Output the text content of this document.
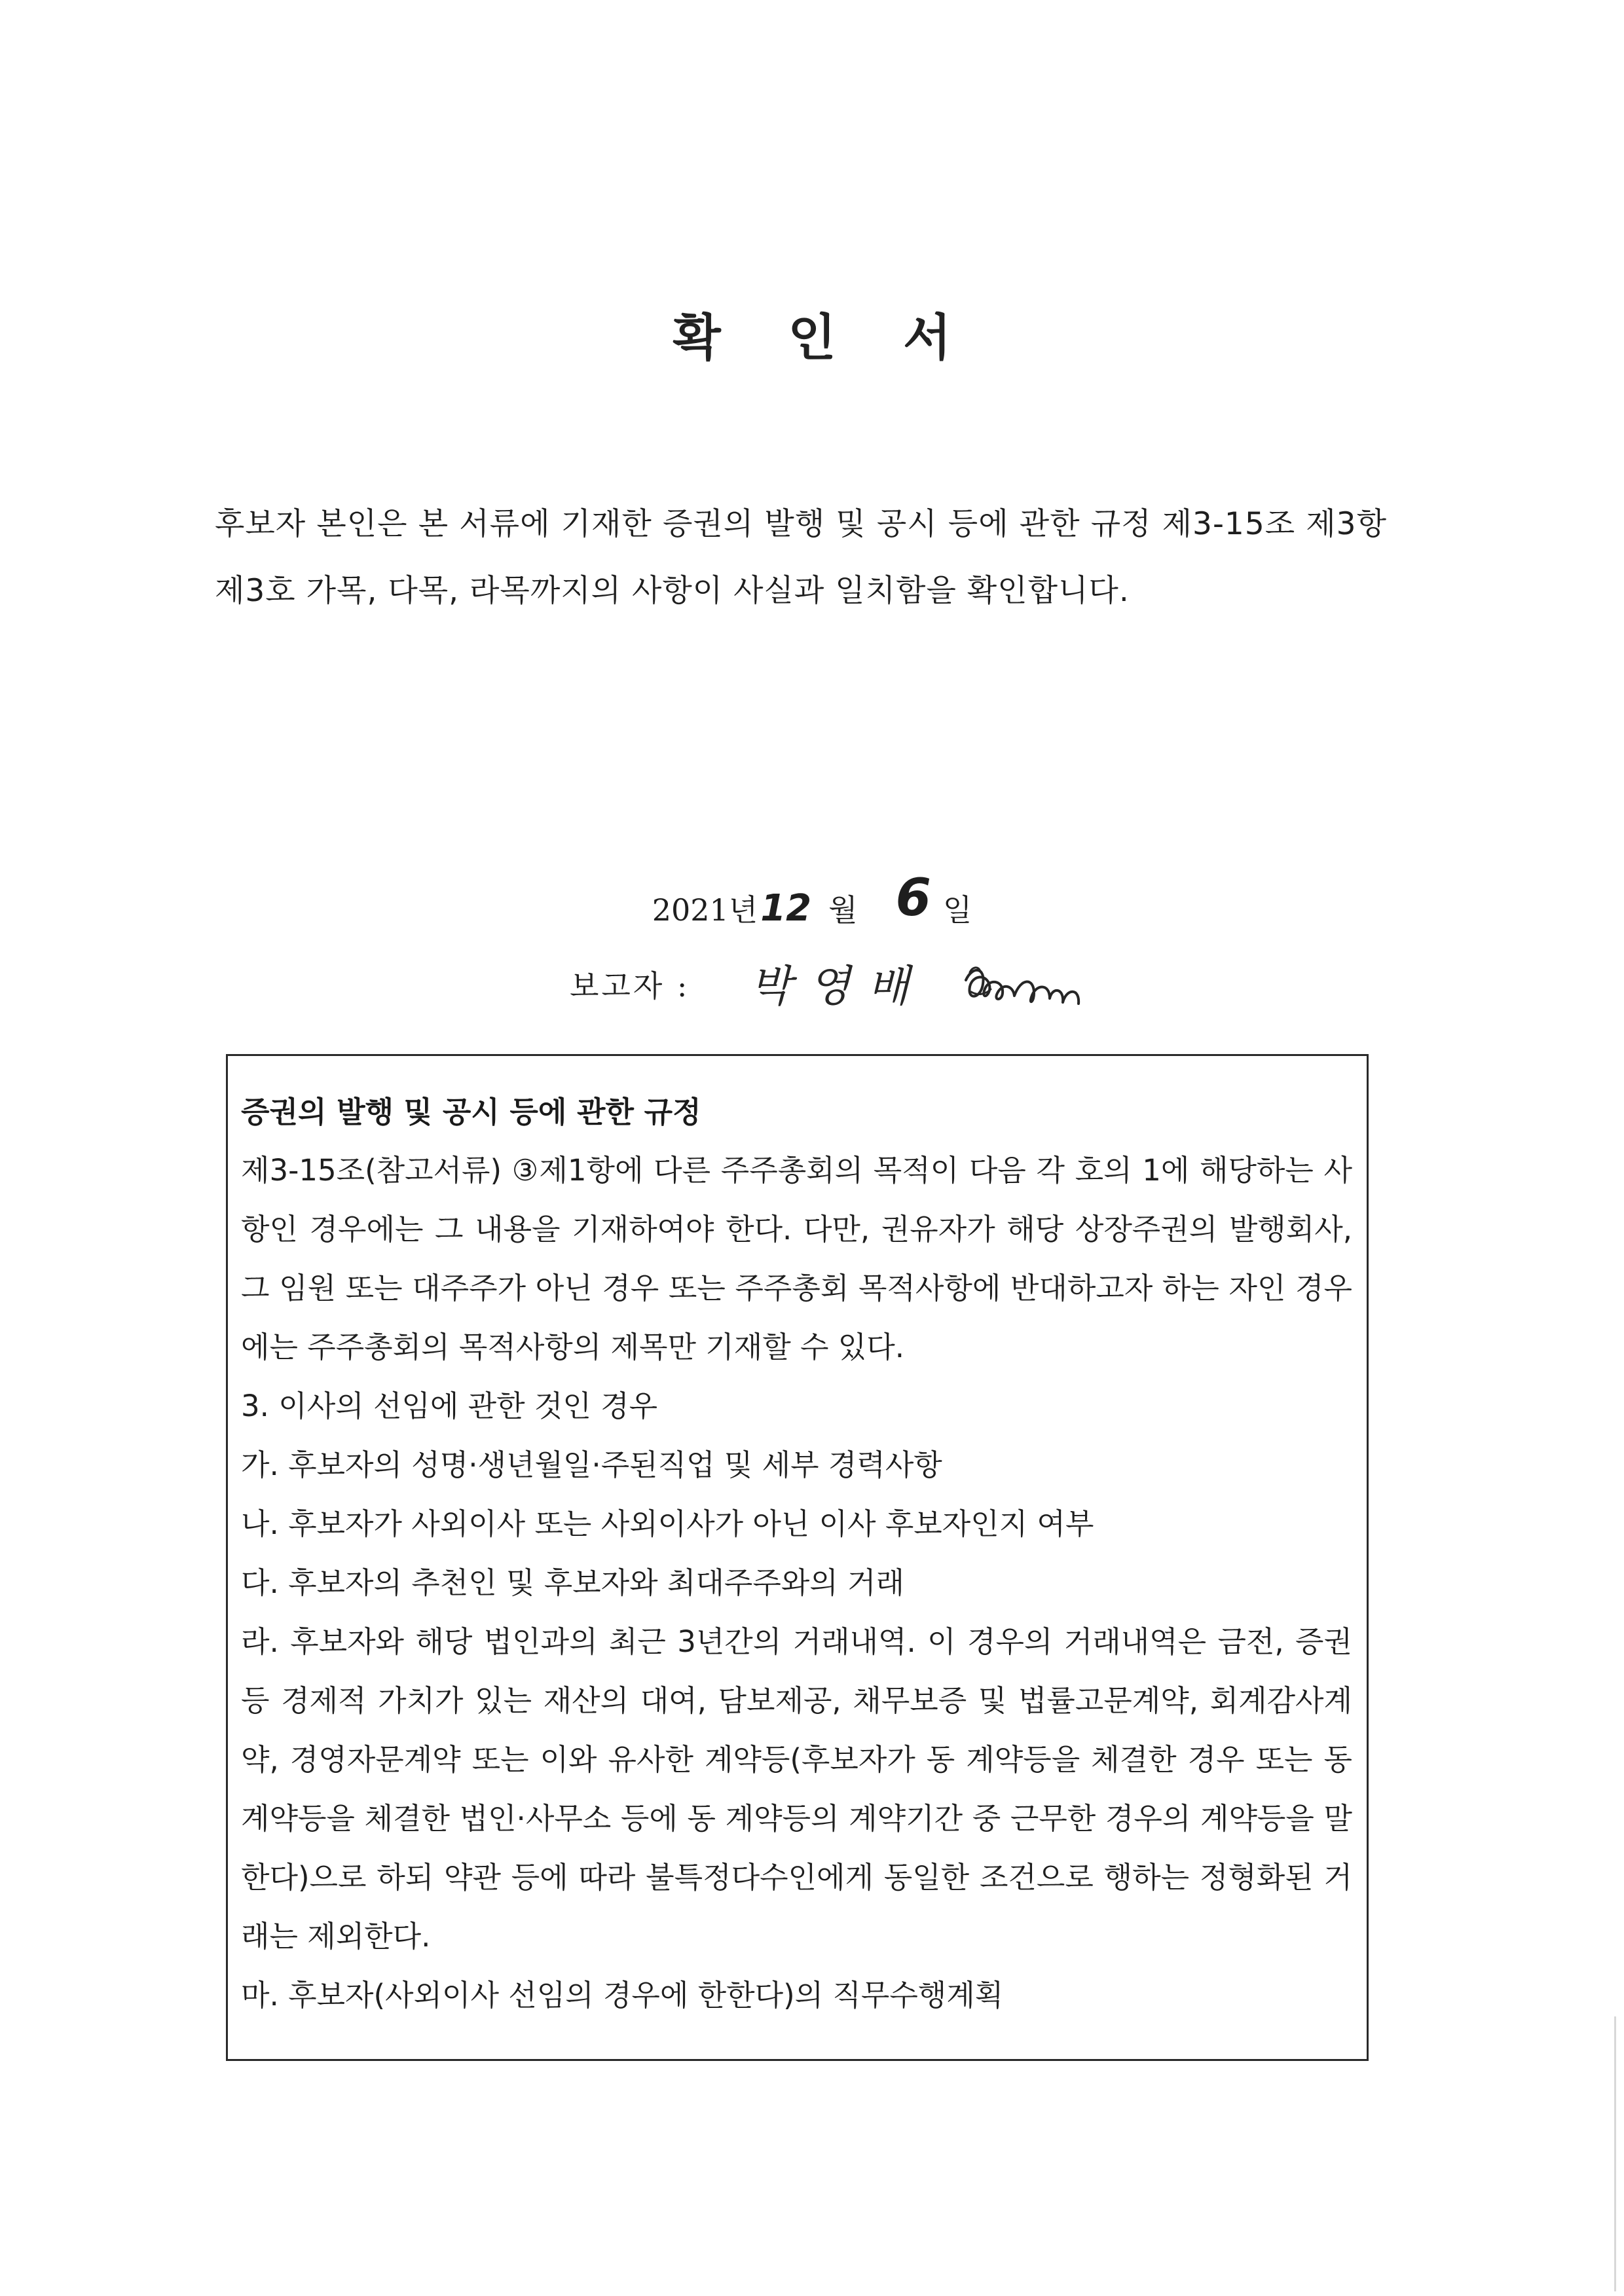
확 인 서

후보자 본인은 본 서류에 기재한 증권의 발행 및 공시 등에 관한 규정 제3-15조 제3항 제3호 가목, 다목, 라목까지의 사항이 사실과 일치함을 확인합니다.

2021년12 월 6 일
보고자 : 박영배

증권의 발행 및 공시 등에 관한 규정

제3-15조(참고서류) ③제1항에 다른 주주총회의 목적이 다음 각 호의 1에 해당하는 사항인 경우에는 그 내용을 기재하여야 한다. 다만, 권유자가 해당 상장주권의 발행회사, 그 임원 또는 대주주가 아닌 경우 또는 주주총회 목적사항에 반대하고자 하는 자인 경우에는 주주총회의 목적사항의 제목만 기재할 수 있다.

3. 이사의 선임에 관한 것인 경우

가. 후보자의 성명·생년월일·주된직업 및 세부 경력사항

나. 후보자가 사외이사 또는 사외이사가 아닌 이사 후보자인지 여부

다. 후보자의 추천인 및 후보자와 최대주주와의 거래

라. 후보자와 해당 법인과의 최근 3년간의 거래내역. 이 경우의 거래내역은 금전, 증권 등 경제적 가치가 있는 재산의 대여, 담보제공, 채무보증 및 법률고문계약, 회계감사계약, 경영자문계약 또는 이와 유사한 계약등(후보자가 동 계약등을 체결한 경우 또는 동 계약등을 체결한 법인·사무소 등에 동 계약등의 계약기간 중 근무한 경우의 계약등을 말한다)으로 하되 약관 등에 따라 불특정다수인에게 동일한 조건으로 행하는 정형화된 거래는 제외한다.

마. 후보자(사외이사 선임의 경우에 한한다)의 직무수행계획
